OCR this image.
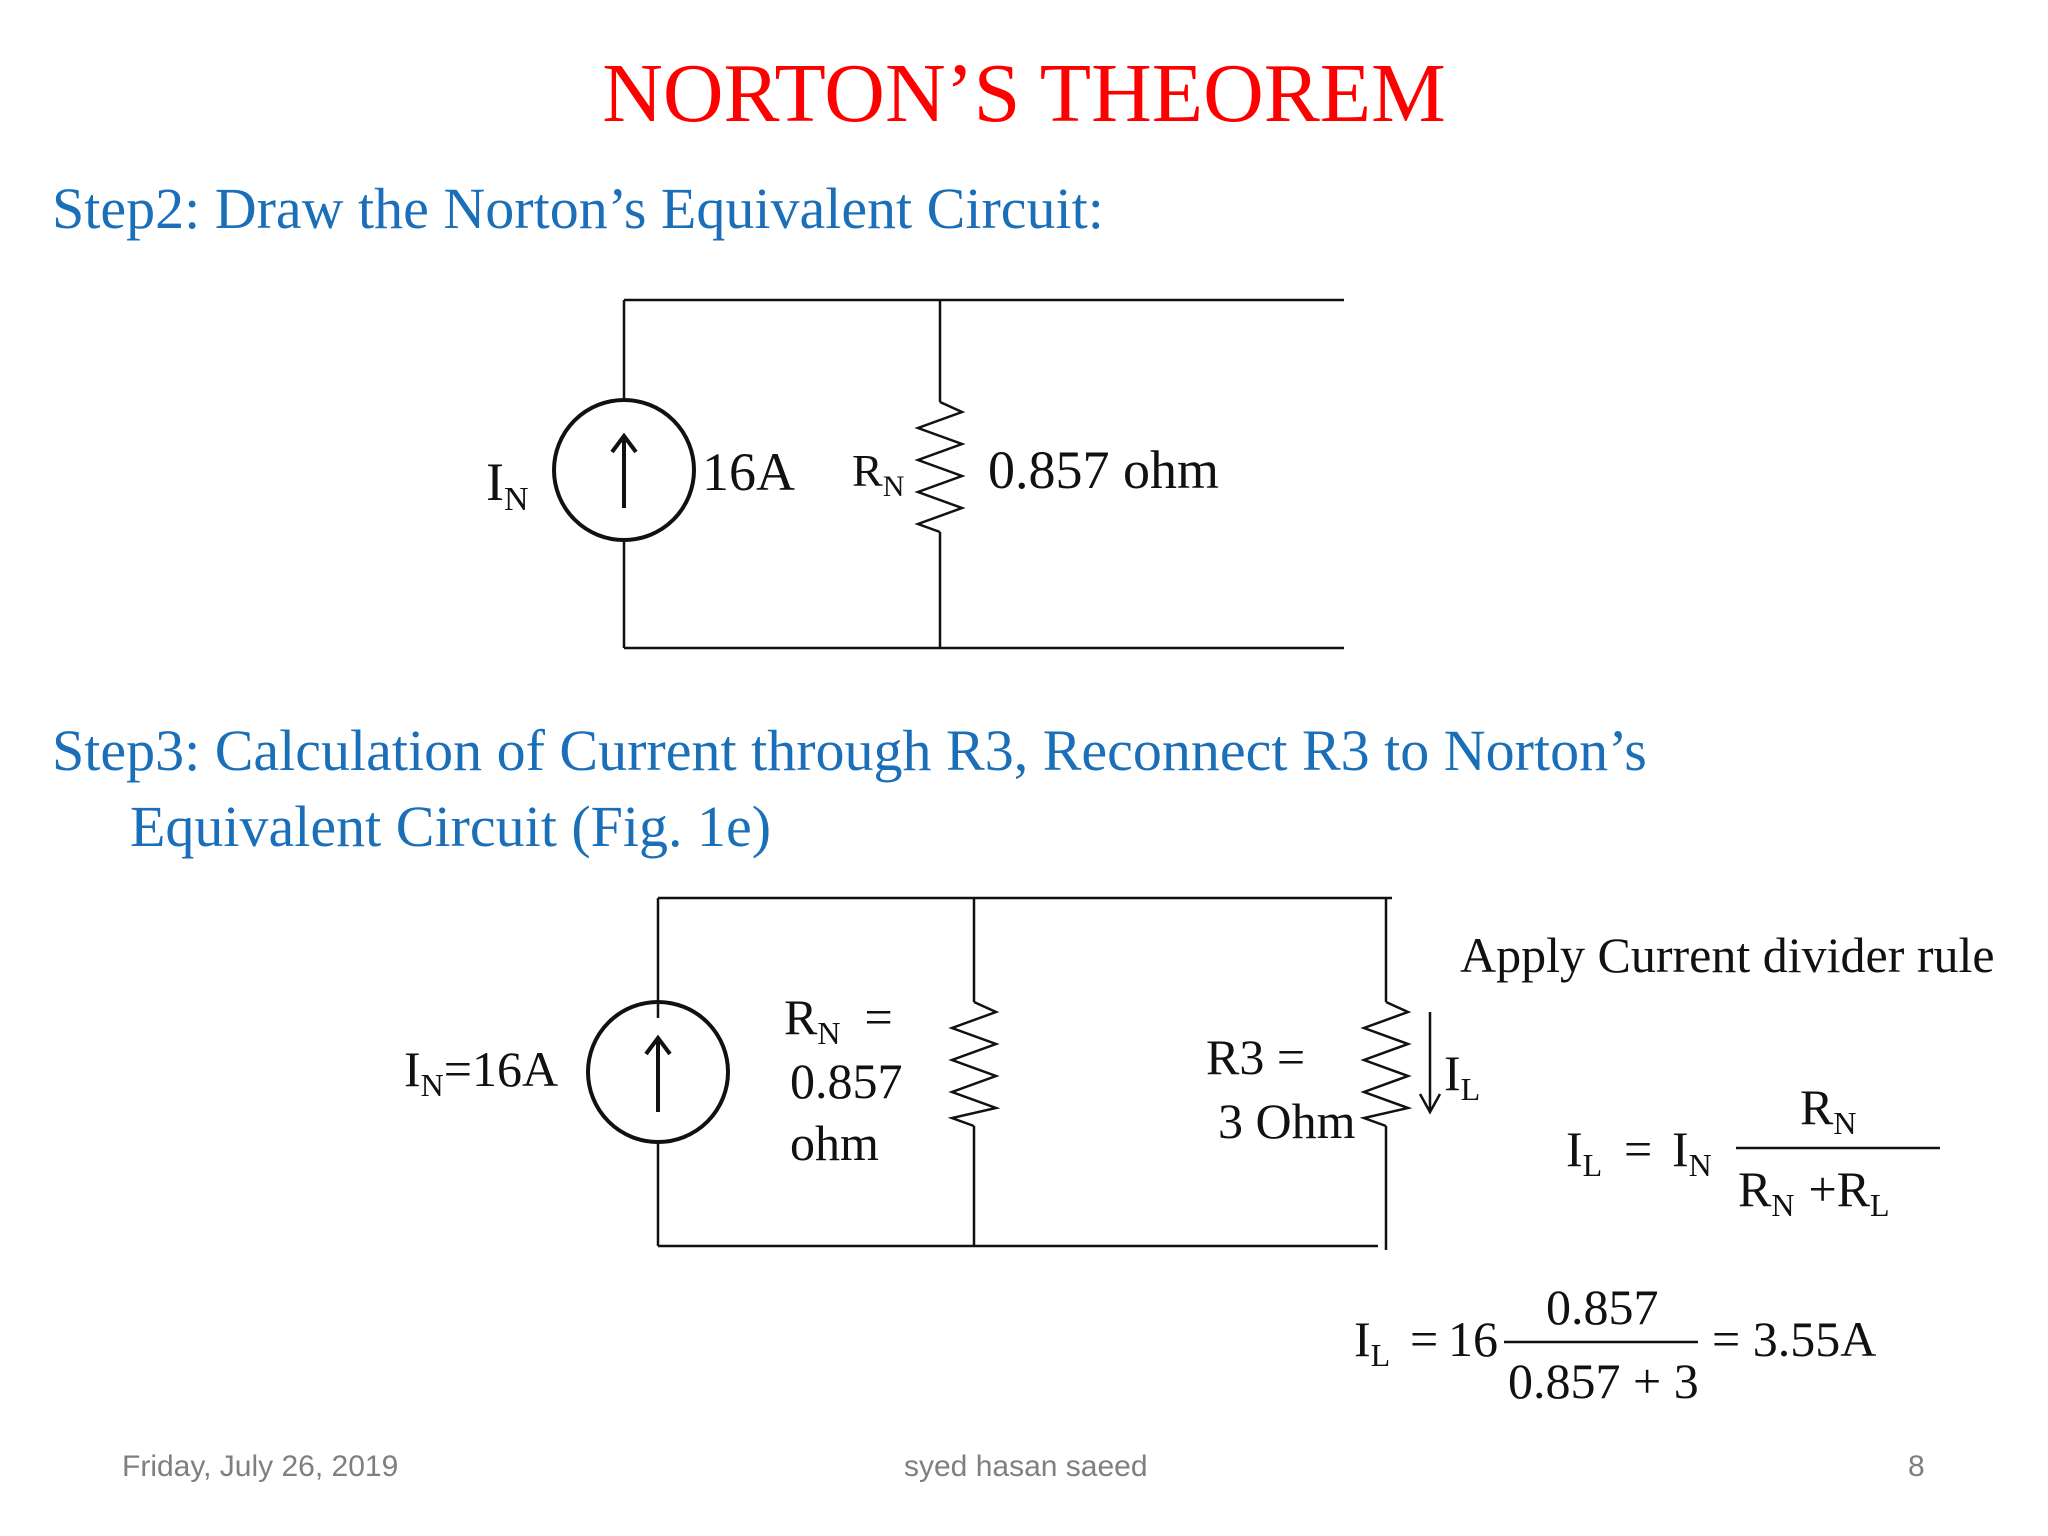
NORTON’S THEOREM
Step2: Draw the Norton’s Equivalent Circuit:
Step3: Calculation of Current through R3, Reconnect R3 to Norton’s
Equivalent Circuit (Fig. 1e)
IN	16A $R_N$ 0.857 ohm
$I_N=16A$
$R_N$ =
0.857
ohm
R3 =
3 Ohm
$I_L$
Apply Current divider rule
$I_L = I_N$
$R_N$
$R_N +R_L$
$I_L = 16$
0.857
0.857 + 3
= 3.55A
Friday, July 26, 2019	syed hasan saeed	8
